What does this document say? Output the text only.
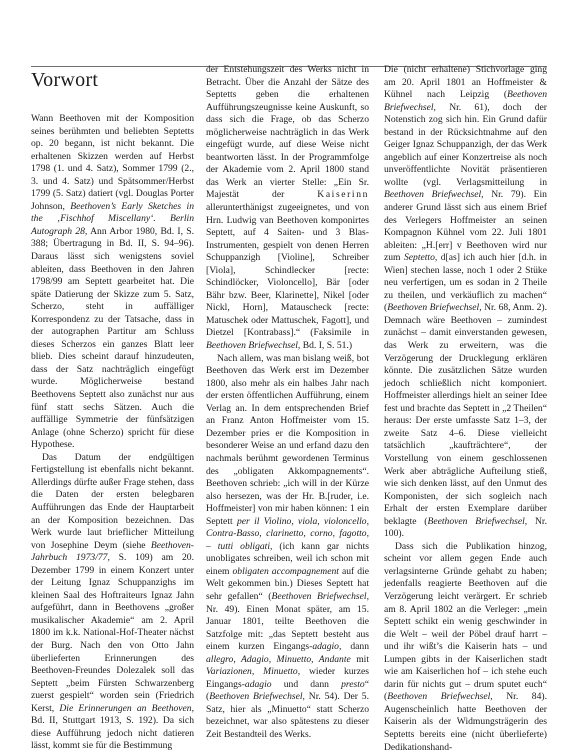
Vorwort

Wann Beethoven mit der Komposition seines berühmten und beliebten Septetts op. 20 begann, ist nicht bekannt. Die erhaltenen Skizzen werden auf Herbst 1798 (1. und 4. Satz), Sommer 1799 (2., 3. und 4. Satz) und Spätsommer/Herbst 1799 (5. Satz) datiert (vgl. Douglas Porter Johnson, Beethoven’s Early Sketches in the ‚Fischhof Miscellany‘. Berlin Autograph 28, Ann Arbor 1980, Bd. I, S. 388; Übertragung in Bd. II, S. 94–96). Daraus lässt sich wenigstens soviel ableiten, dass Beethoven in den Jahren 1798/99 am Septett gearbeitet hat. Die späte Datierung der Skizze zum 5. Satz, Scherzo, steht in auffälliger Korrespondenz zu der Tatsache, dass in der autographen Partitur am Schluss dieses Scherzos ein ganzes Blatt leer blieb. Dies scheint darauf hinzudeuten, dass der Satz nachträglich eingefügt wurde. Möglicherweise bestand Beethovens Septett also zunächst nur aus fünf statt sechs Sätzen. Auch die auffällige Symmetrie der fünfsätzigen Anlage (ohne Scherzo) spricht für diese Hypothese.

Das Datum der endgültigen Fertigstellung ist ebenfalls nicht bekannt. Allerdings dürfte außer Frage stehen, dass die Daten der ersten belegbaren Aufführungen das Ende der Hauptarbeit an der Komposition bezeichnen. Das Werk wurde laut brieflicher Mitteilung von Josephine Deym (siehe Beethoven-Jahrbuch 1973/77, S. 109) am 20. Dezember 1799 in einem Konzert unter der Leitung Ignaz Schuppanzighs im kleinen Saal des Hoftraiteurs Ignaz Jahn aufgeführt, dann in Beethovens „großer musikalischer Akademie“ am 2. April 1800 im k.k. National-Hof-Theater nächst der Burg. Nach den von Otto Jahn überlieferten Erinnerungen des Beethoven-Freundes Dolezalek soll das Septett „beim Fürsten Schwarzenberg zuerst gespielt“ worden sein (Friedrich Kerst, Die Erinnerungen an Beethoven, Bd. II, Stuttgart 1913, S. 192). Da sich diese Aufführung jedoch nicht datieren lässt, kommt sie für die Bestimmung

der Entstehungszeit des Werks nicht in Betracht. Über die Anzahl der Sätze des Septetts geben die erhaltenen Aufführungszeugnisse keine Auskunft, so dass sich die Frage, ob das Scherzo möglicherweise nachträglich in das Werk eingefügt wurde, auf diese Weise nicht beantworten lässt. In der Programmfolge der Akademie vom 2. April 1800 stand das Werk an vierter Stelle: „Ein Sr. Majestät der	Kaiserinn allerunterthänigst zugeeignetes, und von Hrn. Ludwig van Beethoven komponirtes Septett, auf 4 Saiten- und 3 Blas-Instrumenten, gespielt von denen Herren Schuppanzigh [Violine], Schreiber [Viola], Schindlecker [recte: Schindlöcker, Violoncello], Bär [oder Bähr bzw. Beer, Klarinette], Nikel [oder Nickl, Horn], Matauscheck [recte: Matuschek oder Mattuschek, Fagott], und Dietzel [Kontrabass].“ (Faksimile in Beethoven Briefwechsel, Bd. I, S. 51.)

Nach allem, was man bislang weiß, bot Beethoven das Werk erst im Dezember 1800, also mehr als ein halbes Jahr nach der ersten öffentlichen Aufführung, einem Verlag an. In dem entsprechenden Brief an Franz Anton Hoffmeister vom 15. Dezember pries er die Komposition in besonderer Weise an und erfand dazu den nachmals berühmt gewordenen Terminus des „obligaten Akkompagnements“. Beethoven schrieb: „ich will in der Kürze also hersezen, was der Hr. B.[ruder, i.e. Hoffmeister] von mir haben können: 1 ein Septett per il Violino, viola, violoncello, Contra-Basso, clarinetto, corno, fagotto, – tutti obligati, (ich kann gar nichts unobligates schreiben, weil ich schon mit einem obligaten accompagnement auf die Welt gekommen bin.) Dieses Septett hat sehr gefallen“ (Beethoven Briefwechsel, Nr. 49). Einen Monat später, am 15. Januar 1801, teilte Beethoven die Satzfolge mit: „das Septett besteht aus einem kurzen Eingangs-adagio, dann allegro, Adagio, Minuetto, Andante mit Variazionen, Minuetto, wieder kurzes Eingangs-adagio und dann presto“ (Beethoven Briefwechsel, Nr. 54). Der 5. Satz, hier als „Minuetto“ statt Scherzo bezeichnet, war also spätestens zu dieser Zeit Bestandteil des Werks.

Die (nicht erhaltene) Stichvorlage ging am 20. April 1801 an Hoffmeister & Kühnel nach Leipzig (Beethoven Briefwechsel, Nr. 61), doch der Notenstich zog sich hin. Ein Grund dafür bestand in der Rücksichtnahme auf den Geiger Ignaz Schuppanzigh, der das Werk angeblich auf einer Konzertreise als noch unveröffentlichte Novität präsentieren wollte (vgl. Verlagsmitteilung in Beethoven Briefwechsel, Nr. 79). Ein anderer Grund lässt sich aus einem Brief des Verlegers Hoffmeister an seinen Kompagnon Kühnel vom 22. Juli 1801 ableiten: „H.[err] v Beethoven wird nur zum Septetto, d[as] ich auch hier [d.h. in Wien] stechen lasse, noch 1 oder 2 Stüke neu verfertigen, um es sodan in 2 Theile zu theilen, und verkäuflich zu machen“ (Beethoven Briefwechsel, Nr. 68, Anm. 2). Demnach wäre Beethoven – zumindest zunächst – damit einverstanden gewesen, das Werk zu erweitern, was die Verzögerung der Drucklegung erklären könnte. Die zusätzlichen Sätze wurden jedoch schließlich nicht komponiert. Hoffmeister allerdings hielt an seiner Idee fest und brachte das Septett in „2 Theilen“ heraus: Der erste umfasste Satz 1–3, der zweite Satz 4–6. Diese vielleicht tatsächlich „kaufträchtere“, der Vorstellung von einem geschlossenen Werk aber abträgliche Aufteilung stieß, wie sich denken lässt, auf den Unmut des Komponisten, der sich sogleich nach Erhalt der ersten Exemplare darüber beklagte (Beethoven Briefwechsel, Nr. 100).

Dass sich die Publikation hinzog, scheint vor allem gegen Ende auch verlagsinterne Gründe gehabt zu haben; jedenfalls reagierte Beethoven auf die Verzögerung leicht verärgert. Er schrieb am 8. April 1802 an die Verleger: „mein Septett schikt ein wenig geschwinder in die Welt – weil der Pöbel drauf harrt – und ihr wißt’s die Kaiserin hats – und Lumpen gibts in der Kaiserlichen stadt wie am Kaiserlichen hof – ich stehe euch darin für nichts gut – drum sputet euch“ (Beethoven Briefwechsel, Nr. 84). Augenscheinlich hatte Beethoven der Kaiserin als der Widmungsträgerin des Septetts bereits eine (nicht überlieferte) Dedikationshand-
